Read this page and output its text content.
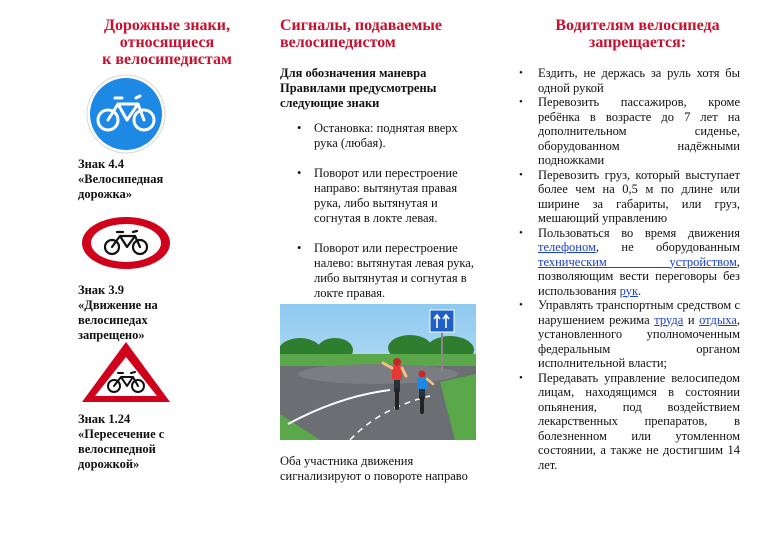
Дорожные знаки,
относящиеся
к велосипедистам
Знак 4.4
«Велосипедная
дорожка»
Знак 3.9
«Движение на
велосипедах
запрещено»
Знак 1.24
«Пересечение с
велосипедной
дорожкой»
Сигналы, подаваемые
велосипедистом
Для обозначения маневра
Правилами предусмотрены
следующие знаки
• Остановка: поднятая вверх
рука (любая).
• Поворот или перестроение
направо: вытянутая правая
рука, либо вытянутая и
согнутая в локте левая.
• Поворот или перестроение
налево: вытянутая левая рука,
либо вытянутая и согнутая в
локте правая.
Оба участника движения
сигнализируют о повороте направо
Водителям велосипеда
запрещается:
• Ездить, не держась за руль хотя бы одной рукой
• Перевозить пассажиров, кроме ребёнка в возрасте до 7 лет на дополнительном сиденье, оборудованном надёжными подножками
• Перевозить груз, который выступает более чем на 0,5 м по длине или ширине за габариты, или груз, мешающий управлению
• Пользоваться во время движения телефоном, не оборудованным техническим устройством, позволяющим вести переговоры без использования рук.
• Управлять транспортным средством с нарушением режима труда и отдыха, установленного уполномоченным федеральным органом исполнительной власти;
• Передавать управление велосипедом лицам, находящимся в состоянии опьянения, под воздействием лекарственных препаратов, в болезненном или утомленном состоянии, а также не достигшим 14 лет.
